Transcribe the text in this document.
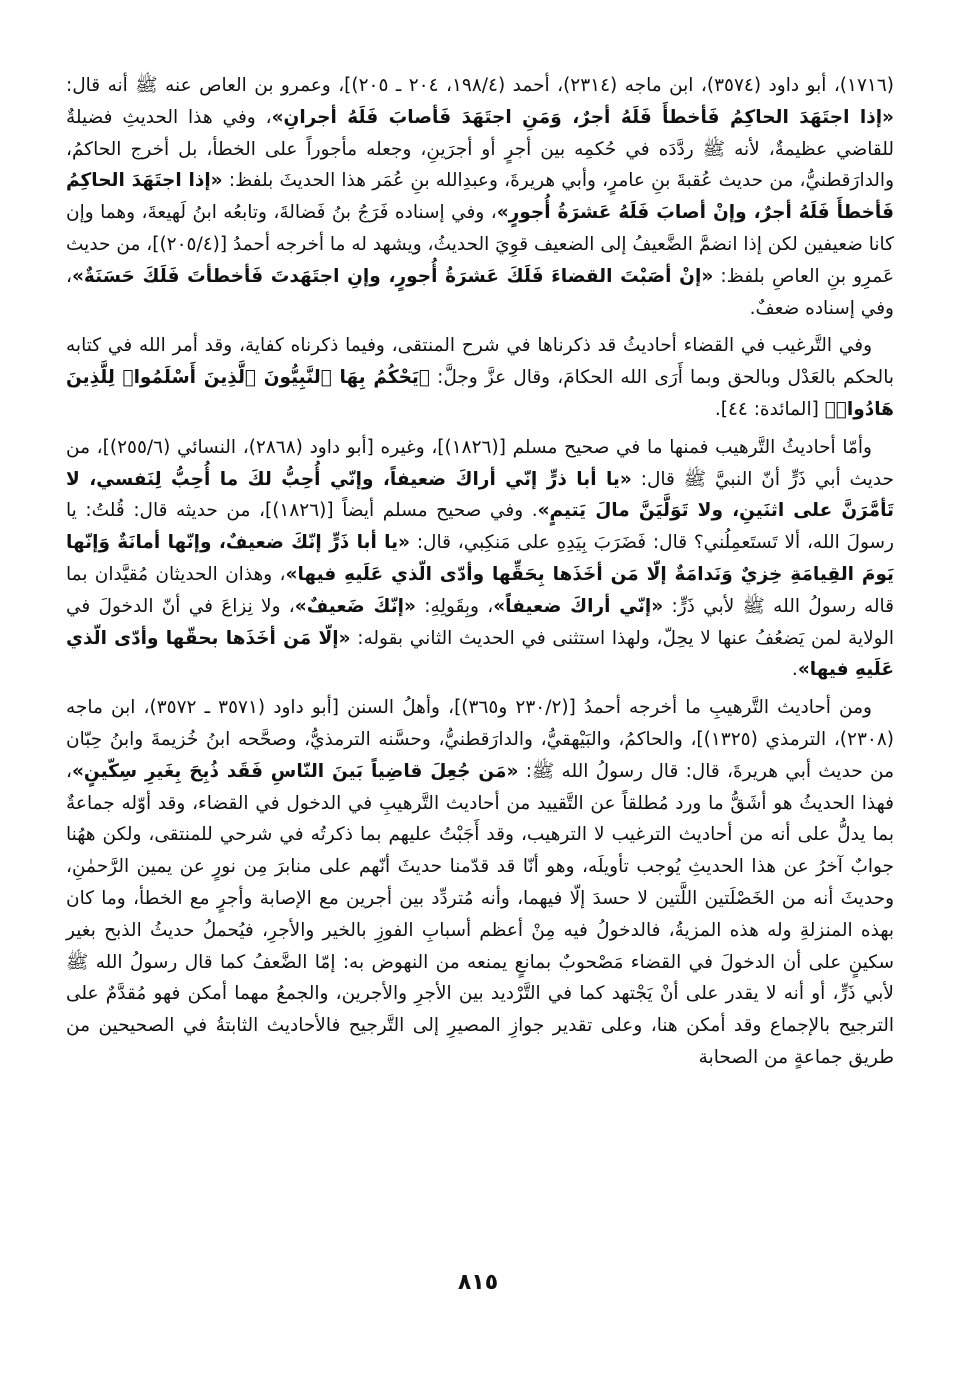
(١٧١٦)، أبو داود (٣٥٧٤)، ابن ماجه (٢٣١٤)، أحمد (١٩٨/٤، ٢٠٤ ـ ٢٠٥)]، وعمرو بن العاص عنه ﷺ أنه قال: «إذا اجتَهَدَ الحاكِمُ فَأخطأَ فَلَهُ أجرٌ، وَمَنِ اجتَهَدَ فَأصابَ فَلَهُ أجرانِ»، وفي هذا الحديثِ فضيلةٌ للقاضي عظيمةٌ، لأنه ﷺ ردَّدَه في حُكمِه بين أجرٍ أو أجرَينِ، وجعله مأجوراً على الخطأ، بل أخرج الحاكمُ، والدارَقطنيُّ، من حديث عُقبةَ بنِ عامرٍ، وأبي هريرةَ، وعبدِالله بنِ عُمَر هذا الحديثَ بلفظ: «إذا اجتَهَدَ الحاكِمُ فَأخطأَ فَلَهُ أجرٌ، وإنْ أصابَ فَلَهُ عَشرَةُ أُجورٍ»، وفي إسناده فَرَجُ بنُ فَضالةَ، وتابعُه ابنُ لَهيعةَ، وهما وإن كانا ضعيفين لكن إذا انضمَّ الضَّعيفُ إلى الضعيف قوِيَ الحديثُ، ويشهد له ما أخرجه أحمدُ [(٢٠٥/٤)]، من حديث عَمرِو بنِ العاصِ بلفظ: «إنْ أصَبْتَ القضاءَ فَلَكَ عَشرَةُ أُجورٍ، وإنِ اجتَهَدتَ فَأخطأتَ فَلَكَ حَسَنَةٌ»، وفي إسناده ضعفٌ.

وفي التَّرغيب في القضاء أحاديثُ قد ذكرناها في شرح المنتقى، وفيما ذكرناه كفاية، وقد أمر الله في كتابه بالحكم بالعَدْل وبالحق وبما أَرَى الله الحكامَ، وقال عزَّ وجلَّ: ﴿يَحْكُمُ بِهَا ٱلنَّبِيُّونَ ٱلَّذِينَ أَسْلَمُوا۟ لِلَّذِينَ هَادُوا۟﴾ [المائدة: ٤٤].

وأمّا أحاديثُ التَّرهيب فمنها ما في صحيح مسلم [(١٨٢٦)]، وغيره [أبو داود (٢٨٦٨)، النسائي (٢٥٥/٦)]، من حديث أبي ذَرٍّ أنّ النبيَّ ﷺ قال: «يا أبا ذرٍّ إنّي أراكَ ضعيفاً، وإنّي أُحِبُّ لكَ ما أُحِبُّ لِنَفسي، لا تَأمَّرَنَّ على اثنَينِ، ولا تَوَلَّيَنَّ مالَ يَتيمٍ». وفي صحيح مسلم أيضاً [(١٨٢٦)]، من حديثه قال: قُلتُ: يا رسولَ الله، ألا تَستَعمِلُني؟ قال: فَضَرَبَ بِيَدِهِ على مَنكِبي، قال: «يا أبا ذَرٍّ إنّكَ ضعيفٌ، وإنّها أمانَةٌ وَإنّها يَومَ القِيامَةِ خِزيٌ وَنَدامَةٌ إلّا مَن أخَذَها بِحَقِّها وأدّى الّذي عَلَيهِ فيها»، وهذان الحديثان مُقيَّدان بما قاله رسولُ الله ﷺ لأبي ذَرٍّ: «إنّي أراكَ ضعيفاً»، وبِقَولِهِ: «إنّكَ ضَعيفٌ»، ولا نِزاعَ في أنّ الدخولَ في الولاية لمن يَضعُفُ عنها لا يحِلّ، ولهذا استثنى في الحديث الثاني بقوله: «إلّا مَن أخَذَها بحقّها وأدّى الّذي عَلَيهِ فيها».

ومن أحاديث التَّرهيبِ ما أخرجه أحمدُ [(٢٣٠/٢ و٣٦٥)]، وأهلُ السنن [أبو داود (٣٥٧١ ـ ٣٥٧٢)، ابن ماجه (٢٣٠٨)، الترمذي (١٣٢٥)]، والحاكمُ، والبَيْهقيُّ، والدارَقطنيُّ، وحسَّنه الترمذيُّ، وصحَّحه ابنُ خُزيمةَ وابنُ حِبّان من حديث أبي هريرةَ، قال: قال رسولُ الله ﷺ: «مَن جُعِلَ قاضِياً بَينَ النّاسِ فَقَد ذُبِحَ بِغَيرِ سِكّينٍ»، فهذا الحديثُ هو أشَقُّ ما ورد مُطلقاً عن التَّقييد من أحاديث التَّرهيبِ في الدخول في القضاء، وقد أوّله جماعةٌ بما يدلُّ على أنه من أحاديث الترغيب لا الترهيب، وقد أَجَبْتُ عليهم بما ذكرتُه في شرحي للمنتقى، ولكن ههُنا جوابٌ آخرُ عن هذا الحديثِ يُوجب تأويلَه، وهو أنّا قد قدّمنا حديثَ أنّهم على منابرَ مِن نورٍ عن يمين الرَّحمٰنِ، وحديثَ أنه من الخَصْلَتين اللَّتين لا حسدَ إلّا فيهما، وأنه مُتردِّد بين أجرين مع الإصابة وأجرٍ مع الخطأ، وما كان بهذه المنزلةِ وله هذه المزيةُ، فالدخولُ فيه مِنْ أعظم أسبابِ الفوزِ بالخير والأجرِ، فيُحملُ حديثُ الذبح بغير سكينٍ على أن الدخولَ في القضاء مَصْحوبٌ بمانعٍ يمنعه من النهوض به: إمّا الضَّعفُ كما قال رسولُ الله ﷺ لأبي ذَرٍّ، أو أنه لا يقدر على أنْ يَجْتهد كما في التَّرْديد بين الأجرِ والأجرين، والجمعُ مهما أمكن فهو مُقدَّمٌ على الترجيح بالإجماع وقد أمكن هنا، وعلى تقدير جوازِ المصيرِ إلى التَّرجيح فالأحاديث الثابتةُ في الصحيحين من طريق جماعةٍ من الصحابة

٨١٥
